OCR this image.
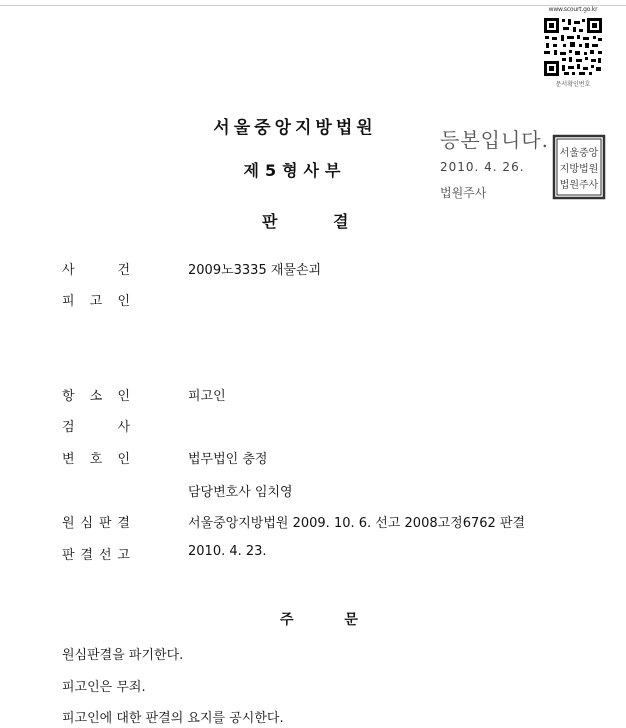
www.scourt.go.kr
문서확인번호
서울중앙지방법원
제5형사부
판	결
등본입니다.
2010. 4. 26.
법원주사
서울중앙
지방법원
법원주사
사	건	2009노3335 재물손괴
피 고 인
항 소 인	피고인
검	사
변 호 인	법무법인 충정
담당변호사 임치영
원 심 판 결	서울중앙지방법원 2009. 10. 6. 선고 2008고정6762 판결
판 결 선 고	2010. 4. 23.
주	문
원심판결을 파기한다.
피고인은 무죄.
피고인에 대한 판결의 요지를 공시한다.
